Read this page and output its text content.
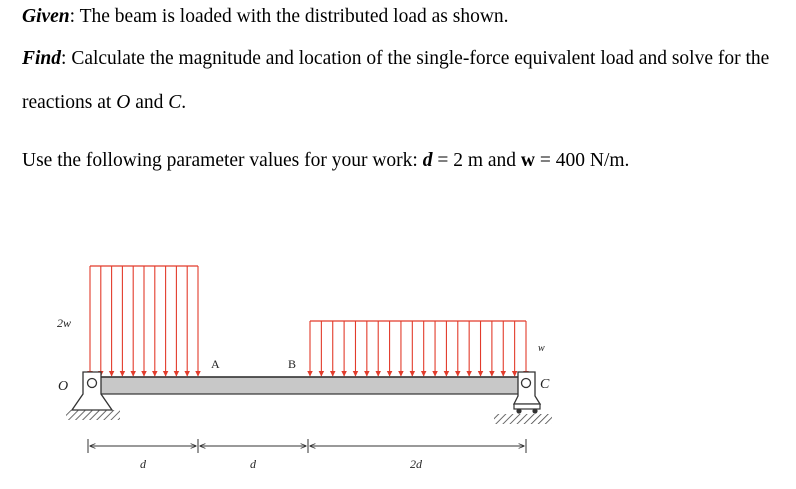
Given: The beam is loaded with the distributed load as shown.
Find: Calculate the magnitude and location of the single-force equivalent load and solve for the
reactions at O and C.
Use the following parameter values for your work: d = 2 m and w = 400 N/m.
2w
w
O
A	B
C
d	d	2d
